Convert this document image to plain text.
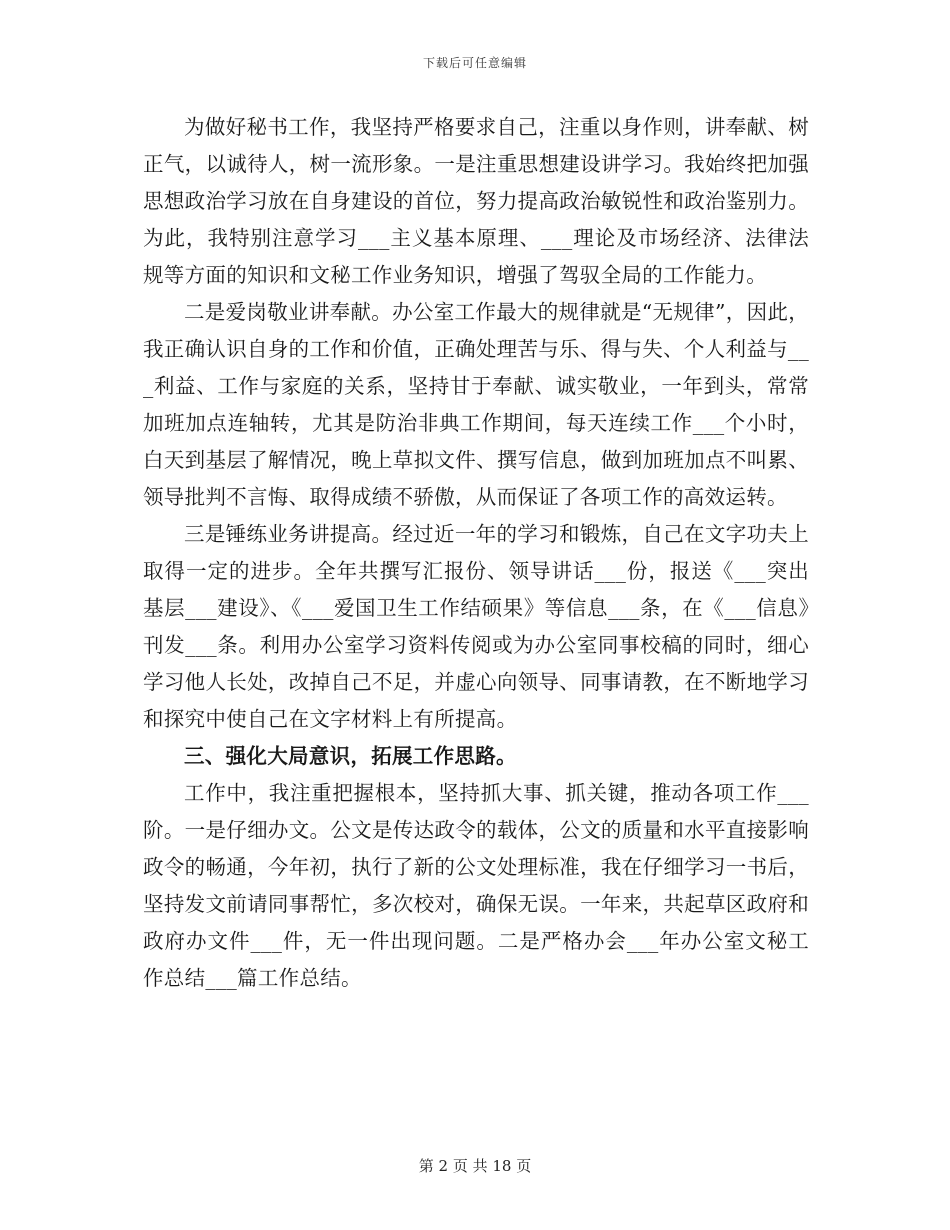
下载后可任意编辑

为做好秘书工作，我坚持严格要求自己，注重以身作则，讲奉献、树正气，以诚待人，树一流形象。一是注重思想建设讲学习。我始终把加强思想政治学习放在自身建设的首位，努力提高政治敏锐性和政治鉴别力。为此，我特别注意学习___主义基本原理、___理论及市场经济、法律法规等方面的知识和文秘工作业务知识，增强了驾驭全局的工作能力。

二是爱岗敬业讲奉献。办公室工作最大的规律就是“无规律”，因此，我正确认识自身的工作和价值，正确处理苦与乐、得与失、个人利益与___利益、工作与家庭的关系，坚持甘于奉献、诚实敬业，一年到头，常常加班加点连轴转，尤其是防治非典工作期间，每天连续工作___个小时，白天到基层了解情况，晚上草拟文件、撰写信息，做到加班加点不叫累、领导批判不言悔、取得成绩不骄傲，从而保证了各项工作的高效运转。

三是锤练业务讲提高。经过近一年的学习和锻炼，自己在文字功夫上取得一定的进步。全年共撰写汇报份、领导讲话___份，报送《___突出基层___建设》、《___爱国卫生工作结硕果》等信息___条，在《___信息》刊发___条。利用办公室学习资料传阅或为办公室同事校稿的同时，细心学习他人长处，改掉自己不足，并虚心向领导、同事请教，在不断地学习和探究中使自己在文字材料上有所提高。

三、强化大局意识，拓展工作思路。

工作中，我注重把握根本，坚持抓大事、抓关键，推动各项工作___阶。一是仔细办文。公文是传达政令的载体，公文的质量和水平直接影响政令的畅通，今年初，执行了新的公文处理标准，我在仔细学习一书后，坚持发文前请同事帮忙，多次校对，确保无误。一年来，共起草区政府和政府办文件___件，无一件出现问题。二是严格办会___年办公室文秘工作总结___篇工作总结。

第 2 页 共 18 页
